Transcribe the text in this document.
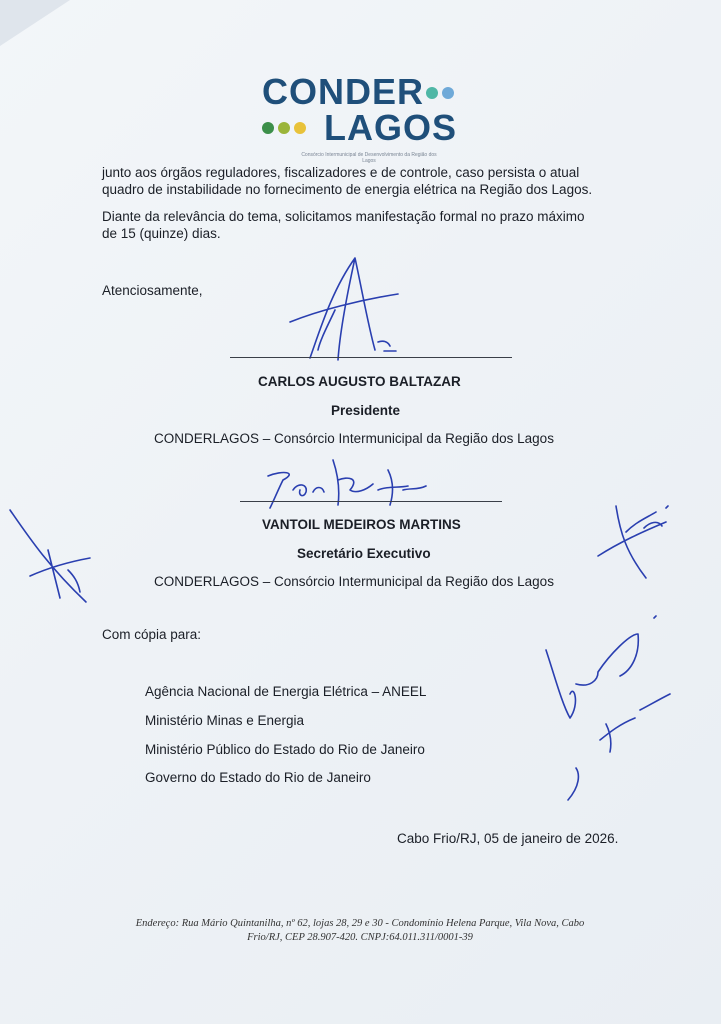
CONDER
LAGOS
Consórcio Intermunicipal de Desenvolvimento da Região dos Lagos
junto aos órgãos reguladores, fiscalizadores e de controle, caso persista o atual
quadro de instabilidade no fornecimento de energia elétrica na Região dos Lagos.
Diante da relevância do tema, solicitamos manifestação formal no prazo máximo
de 15 (quinze) dias.
Atenciosamente,
CARLOS AUGUSTO BALTAZAR
Presidente
CONDERLAGOS – Consórcio Intermunicipal da Região dos Lagos
VANTOIL MEDEIROS MARTINS
Secretário Executivo
CONDERLAGOS – Consórcio Intermunicipal da Região dos Lagos
Com cópia para:
Agência Nacional de Energia Elétrica – ANEEL
Ministério Minas e Energia
Ministério Público do Estado do Rio de Janeiro
Governo do Estado do Rio de Janeiro
Cabo Frio/RJ, 05 de janeiro de 2026.
Endereço: Rua Mário Quintanilha, nº 62, lojas 28, 29 e 30 - Condomínio Helena Parque, Vila Nova, Cabo
Frio/RJ, CEP 28.907-420. CNPJ:64.011.311/0001-39
